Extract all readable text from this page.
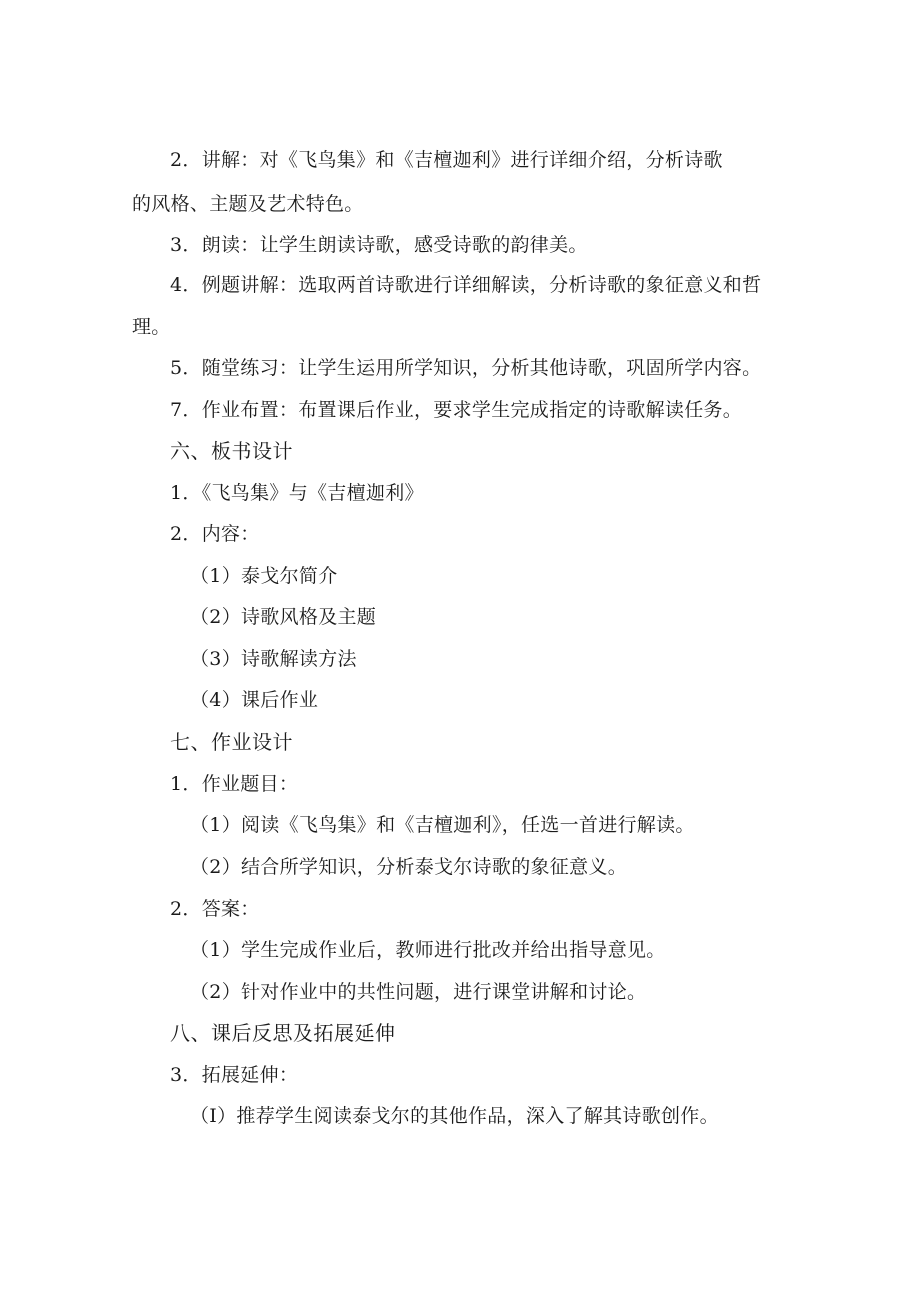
2．讲解：对《飞鸟集》和《吉檀迦利》进行详细介绍，分析诗歌
的风格、主题及艺术特色。
3．朗读：让学生朗读诗歌，感受诗歌的韵律美。
4．例题讲解：选取两首诗歌进行详细解读，分析诗歌的象征意义和哲
理。
5．随堂练习：让学生运用所学知识，分析其他诗歌，巩固所学内容。
7．作业布置：布置课后作业，要求学生完成指定的诗歌解读任务。
六、板书设计
1．《飞鸟集》与《吉檀迦利》
2．内容：
（1）泰戈尔简介
（2）诗歌风格及主题
（3）诗歌解读方法
（4）课后作业
七、作业设计
1．作业题目：
（1）阅读《飞鸟集》和《吉檀迦利》，任选一首进行解读。
（2）结合所学知识，分析泰戈尔诗歌的象征意义。
2．答案：
（1）学生完成作业后，教师进行批改并给出指导意见。
（2）针对作业中的共性问题，进行课堂讲解和讨论。
八、课后反思及拓展延伸
3．拓展延伸：
（I）推荐学生阅读泰戈尔的其他作品，深入了解其诗歌创作。
